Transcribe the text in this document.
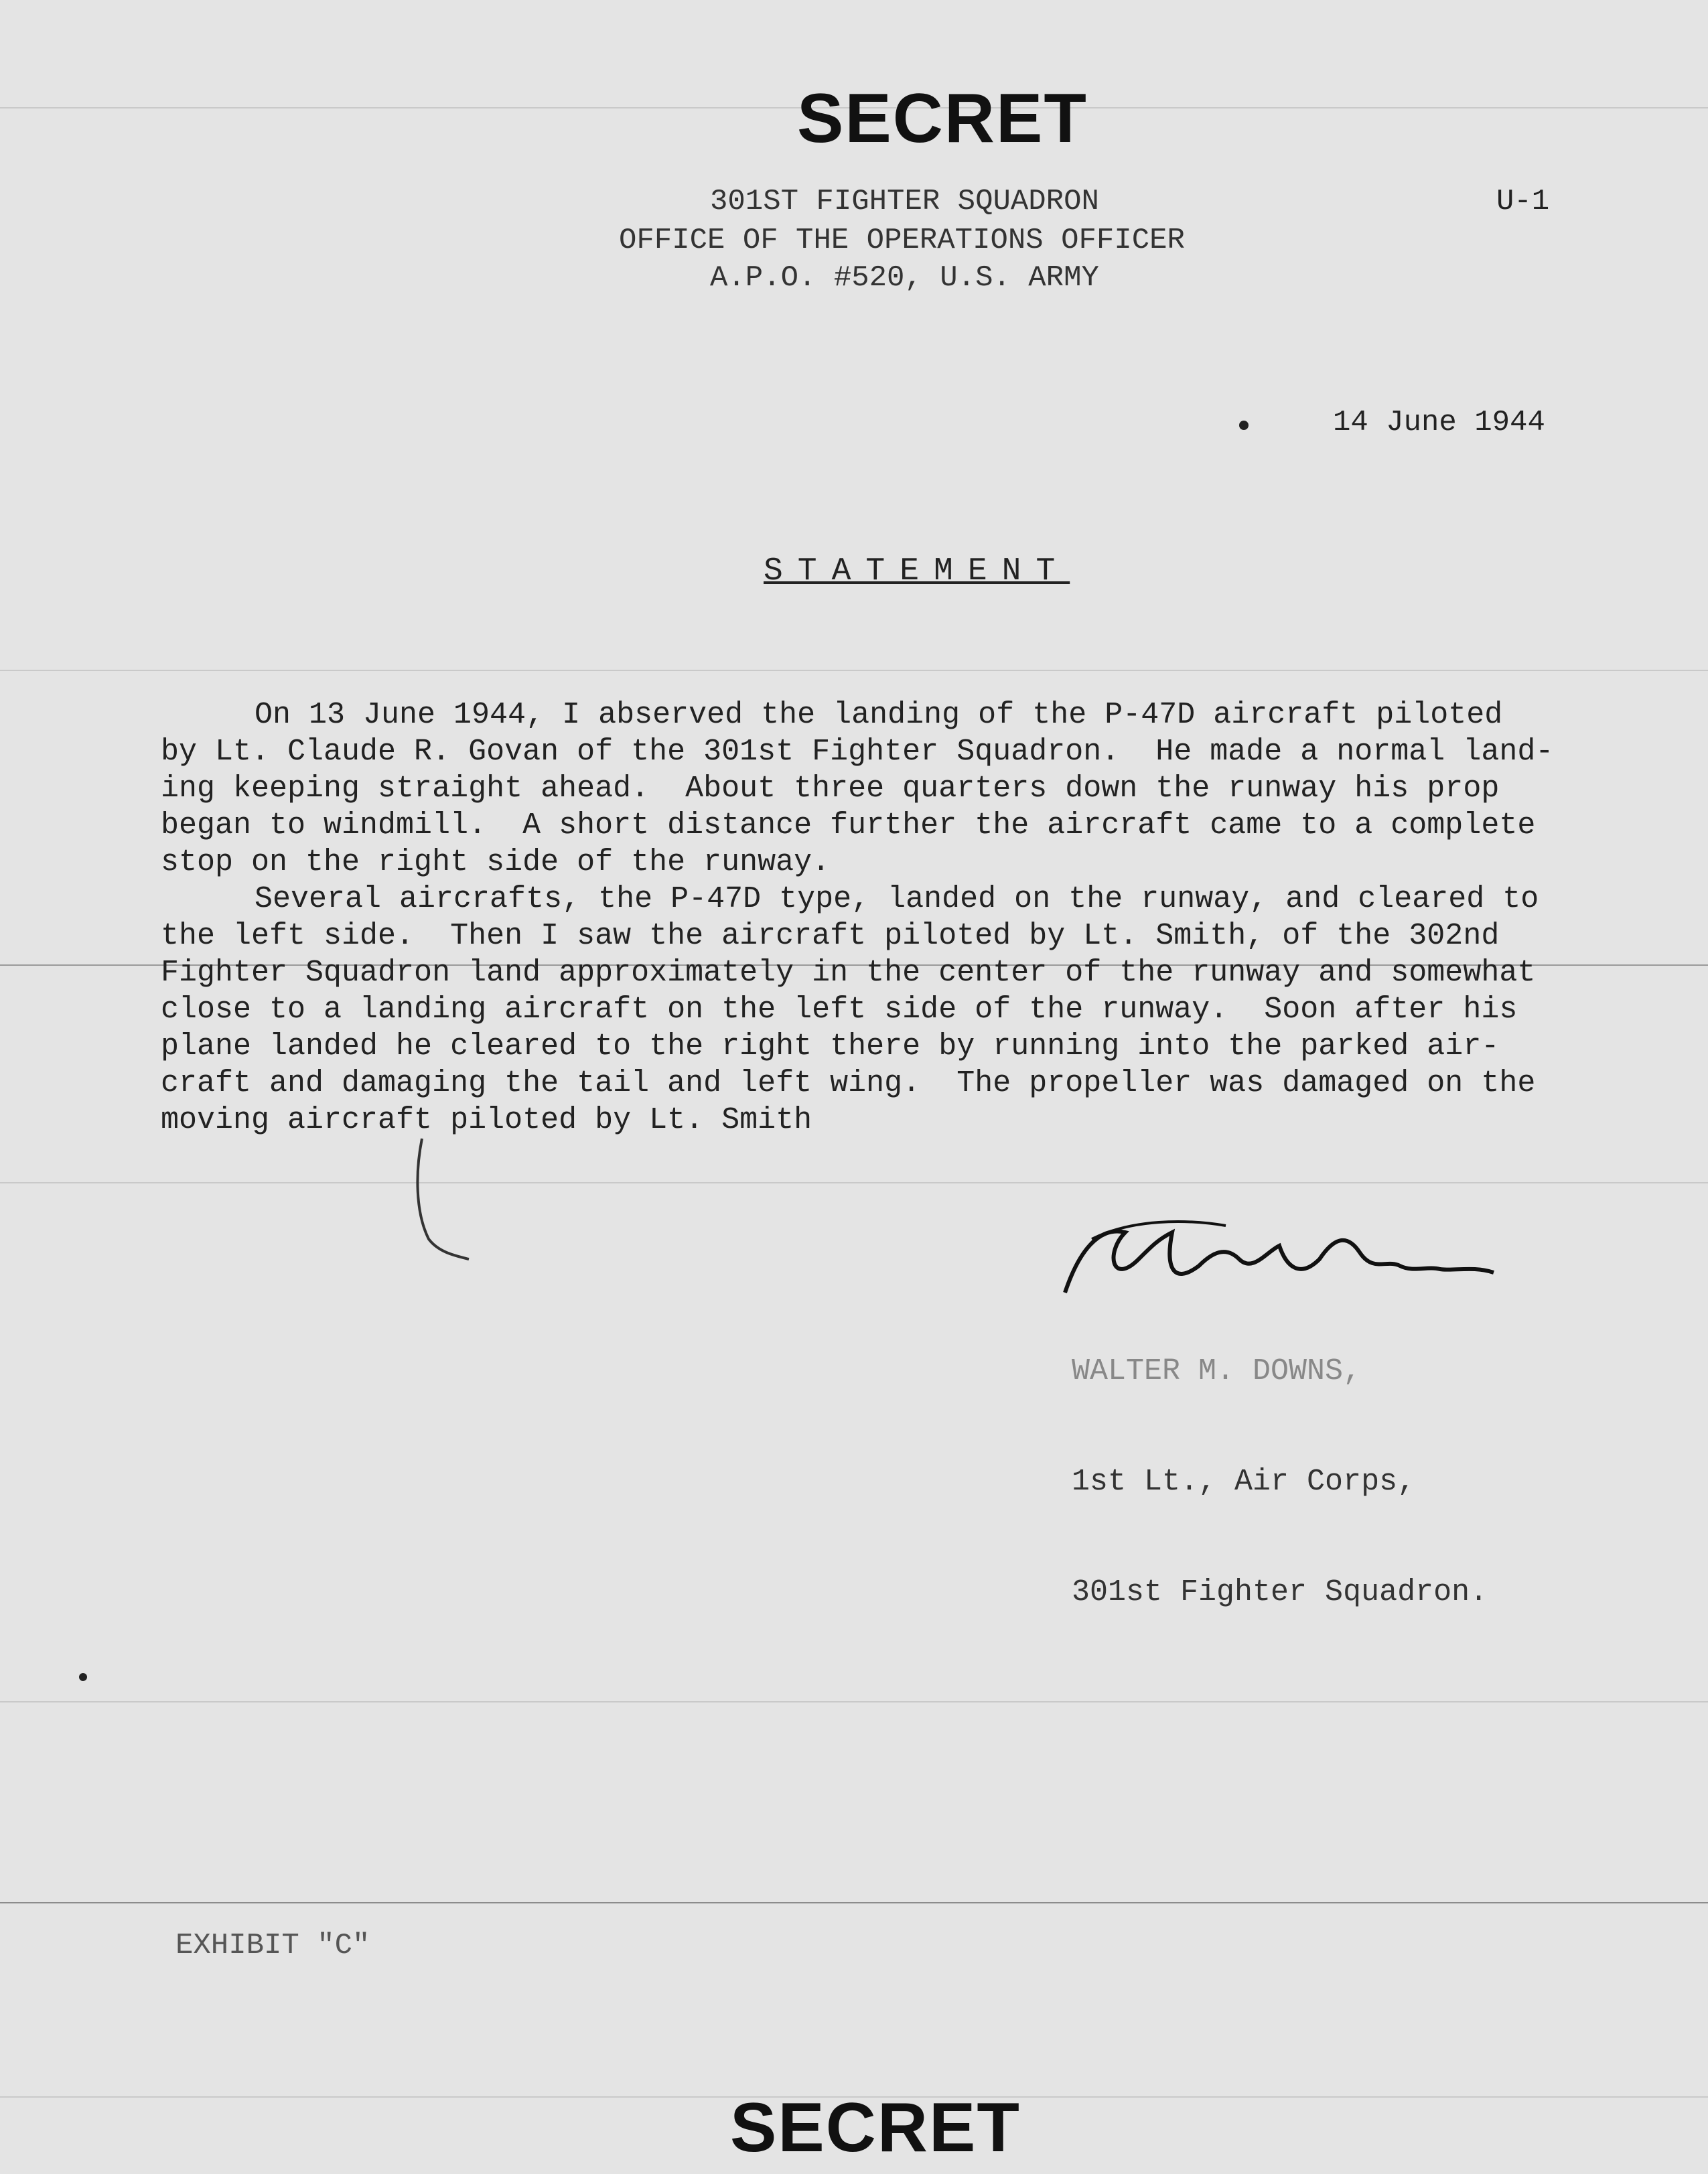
SECRET
301ST FIGHTER SQUADRON
OFFICE OF THE OPERATIONS OFFICER
A.P.O. #520, U.S. ARMY
U-1
14 June 1944
STATEMENT

On 13 June 1944, I abserved the landing of the P-47D aircraft piloted

by Lt. Claude R. Govan of the 301st Fighter Squadron.  He made a normal land-

ing keeping straight ahead.  About three quarters down the runway his prop

began to windmill.  A short distance further the aircraft came to a complete

stop on the right side of the runway.

Several aircrafts, the P-47D type, landed on the runway, and cleared to

the left side.  Then I saw the aircraft piloted by Lt. Smith, of the 302nd

Fighter Squadron land approximately in the center of the runway and somewhat

close to a landing aircraft on the left side of the runway.  Soon after his

plane landed he cleared to the right there by running into the parked air-

craft and damaging the tail and left wing.  The propeller was damaged on the

moving aircraft piloted by Lt. Smith

WALTER M. DOWNS,

1st Lt., Air Corps,

301st Fighter Squadron.

EXHIBIT "C"
SECRET
